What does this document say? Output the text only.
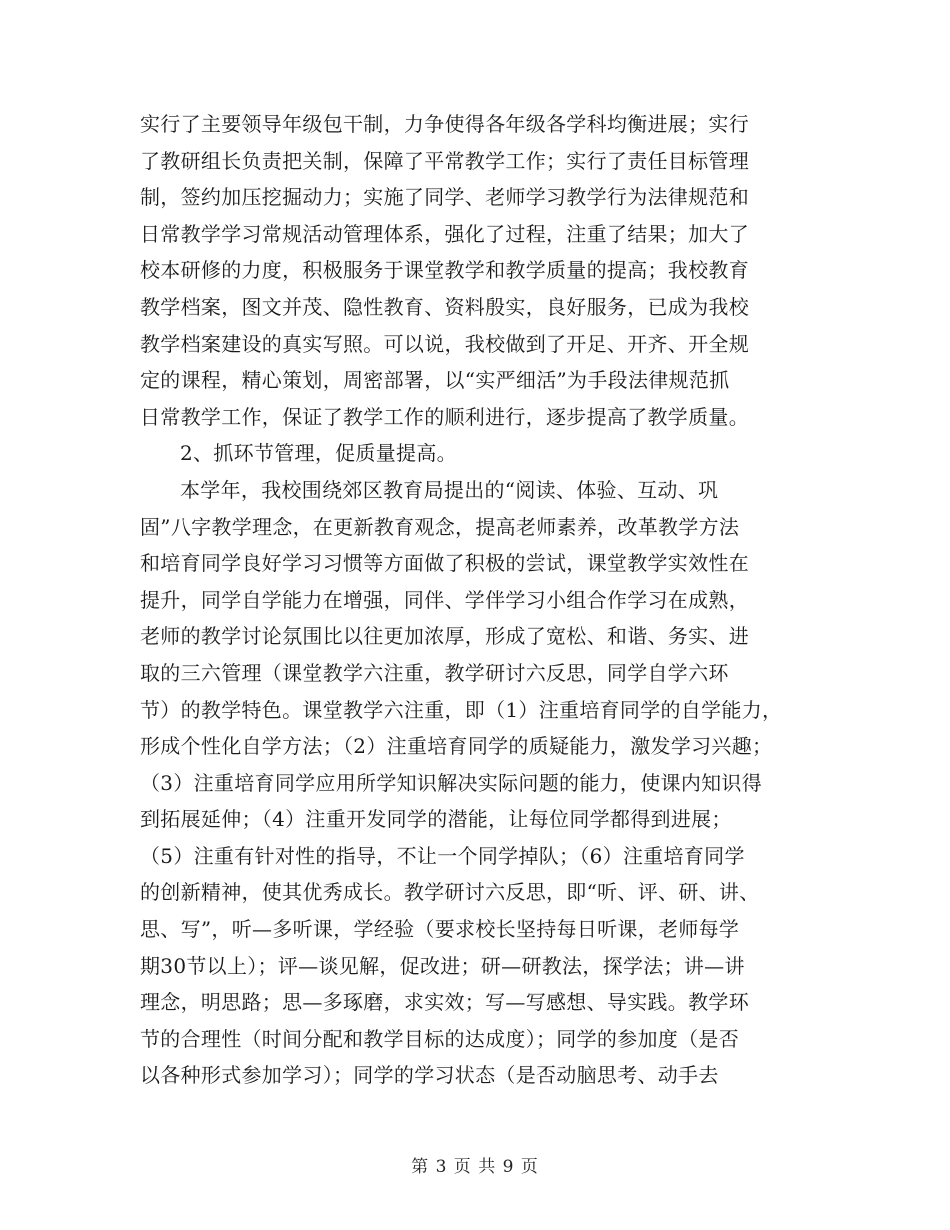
实行了主要领导年级包干制，力争使得各年级各学科均衡进展；实行
了教研组长负责把关制，保障了平常教学工作；实行了责任目标管理
制，签约加压挖掘动力；实施了同学、老师学习教学行为法律规范和
日常教学学习常规活动管理体系，强化了过程，注重了结果；加大了
校本研修的力度，积极服务于课堂教学和教学质量的提高；我校教育
教学档案，图文并茂、隐性教育、资料殷实，良好服务，已成为我校
教学档案建设的真实写照。可以说，我校做到了开足、开齐、开全规
定的课程，精心策划，周密部署，以“实严细活”为手段法律规范抓
日常教学工作，保证了教学工作的顺利进行，逐步提高了教学质量。
2、抓环节管理，促质量提高。
本学年，我校围绕郊区教育局提出的“阅读、体验、互动、巩
固”八字教学理念，在更新教育观念，提高老师素养，改革教学方法
和培育同学良好学习习惯等方面做了积极的尝试，课堂教学实效性在
提升，同学自学能力在增强，同伴、学伴学习小组合作学习在成熟，
老师的教学讨论氛围比以往更加浓厚，形成了宽松、和谐、务实、进
取的三六管理（课堂教学六注重，教学研讨六反思，同学自学六环
节）的教学特色。课堂教学六注重，即（1）注重培育同学的自学能力，
形成个性化自学方法；（2）注重培育同学的质疑能力，激发学习兴趣；
（3）注重培育同学应用所学知识解决实际问题的能力，使课内知识得
到拓展延伸；（4）注重开发同学的潜能，让每位同学都得到进展；
（5）注重有针对性的指导，不让一个同学掉队；（6）注重培育同学
的创新精神，使其优秀成长。教学研讨六反思，即“听、评、研、讲、
思、写”，听—多听课，学经验（要求校长坚持每日听课，老师每学
期30节以上）；评—谈见解，促改进；研—研教法，探学法；讲—讲
理念，明思路；思—多琢磨，求实效；写—写感想、导实践。教学环
节的合理性（时间分配和教学目标的达成度）；同学的参加度（是否
以各种形式参加学习）；同学的学习状态（是否动脑思考、动手去
第 3 页 共 9 页
